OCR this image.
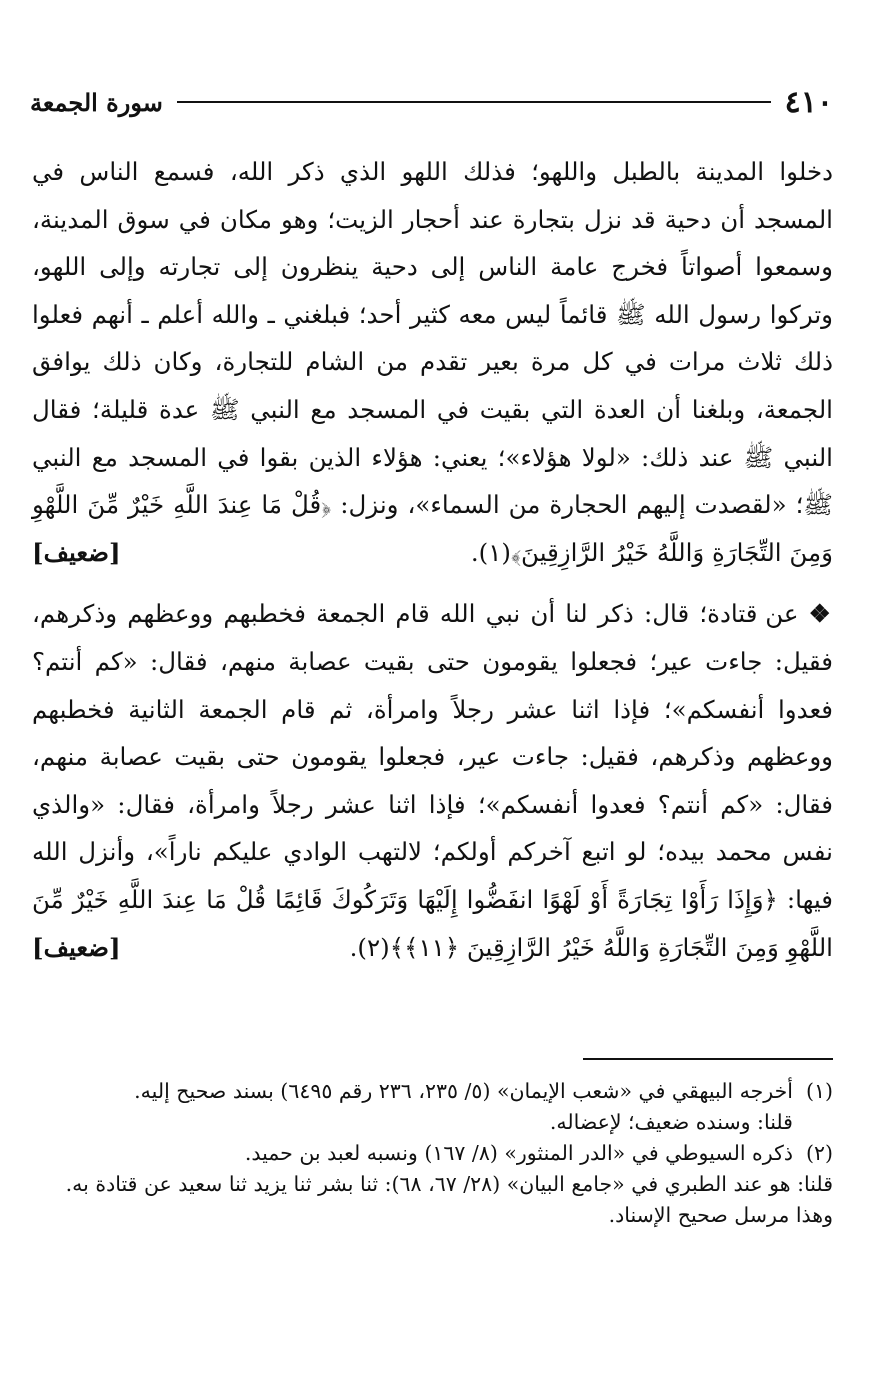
٤١٠
سورة الجمعة

دخلوا المدينة بالطبل واللهو؛ فذلك اللهو الذي ذكر الله، فسمع الناس في المسجد أن دحية قد نزل بتجارة عند أحجار الزيت؛ وهو مكان في سوق المدينة، وسمعوا أصواتاً فخرج عامة الناس إلى دحية ينظرون إلى تجارته وإلى اللهو، وتركوا رسول الله ﷺ قائماً ليس معه كثير أحد؛ فبلغني ـ والله أعلم ـ أنهم فعلوا ذلك ثلاث مرات في كل مرة بعير تقدم من الشام للتجارة، وكان ذلك يوافق الجمعة، وبلغنا أن العدة التي بقيت في المسجد مع النبي ﷺ عدة قليلة؛ فقال النبي ﷺ عند ذلك: «لولا هؤلاء»؛ يعني: هؤلاء الذين بقوا في المسجد مع النبي ﷺ؛ «لقصدت إليهم الحجارة من السماء»، ونزل: ﴿قُلْ مَا عِندَ اللَّهِ خَيْرٌ مِّنَ اللَّهْوِ وَمِنَ التِّجَارَةِ وَاللَّهُ خَيْرُ الرَّازِقِينَ﴾(١).
[ضعيف]

❖ عن قتادة؛ قال: ذكر لنا أن نبي الله قام الجمعة فخطبهم ووعظهم وذكرهم، فقيل: جاءت عير؛ فجعلوا يقومون حتى بقيت عصابة منهم، فقال: «كم أنتم؟ فعدوا أنفسكم»؛ فإذا اثنا عشر رجلاً وامرأة، ثم قام الجمعة الثانية فخطبهم ووعظهم وذكرهم، فقيل: جاءت عير، فجعلوا يقومون حتى بقيت عصابة منهم، فقال: «كم أنتم؟ فعدوا أنفسكم»؛ فإذا اثنا عشر رجلاً وامرأة، فقال: «والذي نفس محمد بيده؛ لو اتبع آخركم أولكم؛ لالتهب الوادي عليكم ناراً»، وأنزل الله فيها: ﴿وَإِذَا رَأَوْا تِجَارَةً أَوْ لَهْوًا انفَضُّوا إِلَيْهَا وَتَرَكُوكَ قَائِمًا قُلْ مَا عِندَ اللَّهِ خَيْرٌ مِّنَ اللَّهْوِ وَمِنَ التِّجَارَةِ وَاللَّهُ خَيْرُ الرَّازِقِينَ ﴿١١﴾﴾(٢).
[ضعيف]

(١)
أخرجه البيهقي في «شعب الإيمان» (٥/ ٢٣٥، ٢٣٦ رقم ٦٤٩٥) بسند صحيح إليه.

قلنا: وسنده ضعيف؛ لإعضاله.

(٢)
ذكره السيوطي في «الدر المنثور» (٨/ ١٦٧) ونسبه لعبد بن حميد.

قلنا: هو عند الطبري في «جامع البيان» (٢٨/ ٦٧، ٦٨): ثنا بشر ثنا يزيد ثنا سعيد عن قتادة به.

وهذا مرسل صحيح الإسناد.
